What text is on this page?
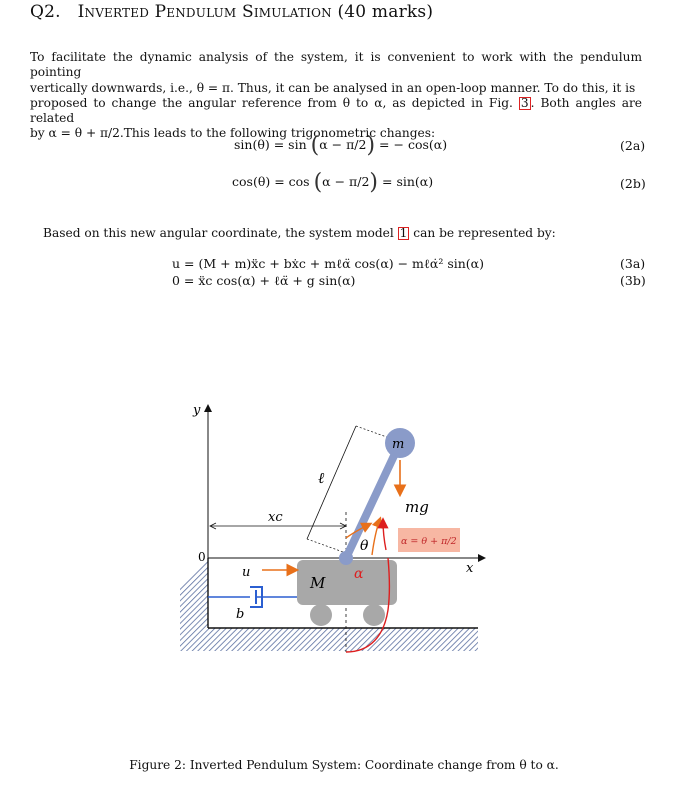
Q2. Inverted Pendulum Simulation (40 marks)
To facilitate the dynamic analysis of the system, it is convenient to work with the pendulum pointing
vertically downwards, i.e., θ = π. Thus, it can be analysed in an open-loop manner. To do this, it is
proposed to change the angular reference from θ to α, as depicted in Fig. 3 . Both angles are related
by α = θ + π/2.This leads to the following trigonometric changes:
sin(θ) = sin (α − π/2) = − cos(α)	(2a)
cos(θ) = cos (α − π/2) = sin(α)	(2b)
Based on this new angular coordinate, the system model 1 can be represented by:
u = (M + m)ẍc + bẋc + mℓα̈ cos(α) − mℓα̇² sin(α)	(3a)
0 = ẍc cos(α) + ℓα̈ + g sin(α)	(3b)
y
x
0
xc
ℓ
M
m
mg
θ
α
α = θ + π/2
u
b
Figure 2: Inverted Pendulum System: Coordinate change from θ to α.
